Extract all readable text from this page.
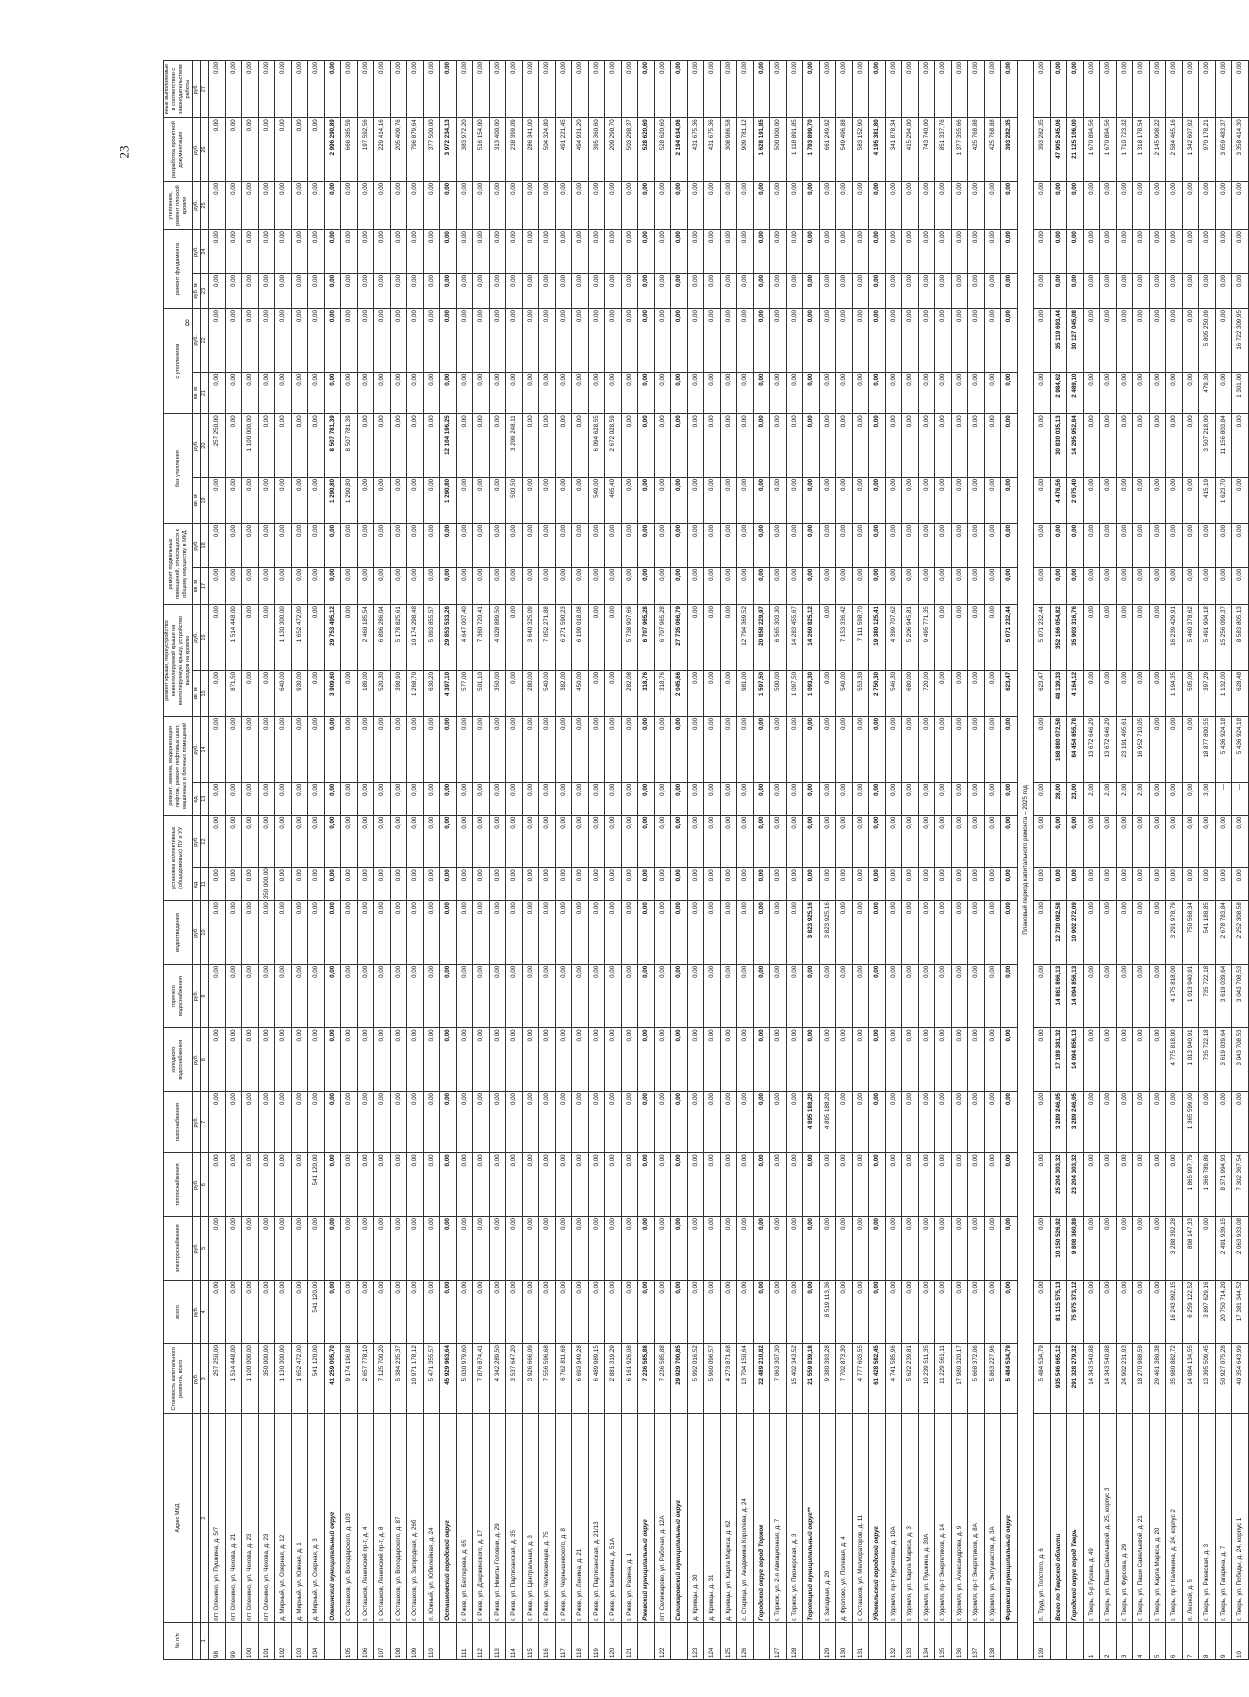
23
8
№ п/п	Адрес МКД	Стоимость капитального ремонта, всего	всего	электроснабжения	теплоснабжения	газоснабжения	холодного водоснабжения	горячего водоснабжения	водоотведения	установка коллективных (общедомовых) ПУ и УУ		ремонт, замена, модернизация лифтов, ремонт лифтовых шахт, машинных и блочных помещений		ремонт крыши, переустройство невентилируемой крыши на вентилируемую крышу, устройство выходов на кровлю		ремонт подвальных помещений, относящихся к общему имуществу в МКД		без утепления		с утеплением		ремонт фундамента		утепление, ремонт плоской кровли	разработка проектной документации	иные выполняемые в соответствии с законодательством работы
		руб.	руб.	руб.	руб.	руб.	руб.	руб.	руб.	ед.	руб.	ед.	руб.	кв. м	руб.	кв. м	руб.	кв. м	руб.	кв. м	руб.	куб. м	руб.	руб.	руб.	руб.
1	2	3	4	5	6	7	8	9	10	11	12	13	14	15	16	17	18	19	20	21	22	23	24	25	26	27
98	пгт Оленино, ул. Пушкина, д. 5/7	257 250,00	0,00	0,00	0,00	0,00	0,00	0,00	0,00	0,00	0,00	0,00	0,00	0,00	0,00	0,00	0,00	0,00	257 250,00	0,00	0,00	0,00	0,00	0,00	0,00	0,00
99	пгт Оленино, ул. Чехова, д. 21	1 514 448,00	0,00	0,00	0,00	0,00	0,00	0,00	0,00	0,00	0,00	0,00	0,00	871,50	1 514 448,00	0,00	0,00	0,00	0,00	0,00	0,00	0,00	0,00	0,00	0,00	0,00
100	пгт Оленино, ул. Чехова, д. 23	1 100 000,00	0,00	0,00	0,00	0,00	0,00	0,00	0,00	0,00	0,00	0,00	0,00	0,00	0,00	0,00	0,00	0,00	1 100 000,00	0,00	0,00	0,00	0,00	0,00	0,00	0,00
101	пгт Оленино, ул. Чехова, д. 23	350 000,00	0,00	0,00	0,00	0,00	0,00	0,00	0,00	350 000,00	0,00	0,00	0,00	0,00	0,00	0,00	0,00	0,00	0,00	0,00	0,00	0,00	0,00	0,00	0,00	0,00
102	д. Мирный, ул. Озерная, д. 12	1 130 300,00	0,00	0,00	0,00	0,00	0,00	0,00	0,00	0,00	0,00	0,00	0,00	640,00	1 130 300,00	0,00	0,00	0,00	0,00	0,00	0,00	0,00	0,00	0,00	0,00	0,00
103	д. Мирный, ул. Южная, д. 1	1 652 472,00	0,00	0,00	0,00	0,00	0,00	0,00	0,00	0,00	0,00	0,00	0,00	930,00	1 652 472,00	0,00	0,00	0,00	0,00	0,00	0,00	0,00	0,00	0,00	0,00	0,00
104	д. Мирный, ул. Озерная, д. 3	541 120,00	541 120,00	0,00	541 120,00	0,00	0,00	0,00	0,00	0,00	0,00	0,00	0,00	0,00	0,00	0,00	0,00	0,00	0,00	0,00	0,00	0,00	0,00	0,00	0,00	0,00
	Оленинский муниципальный округ	41 259 005,70	0,00	0,00	0,00	0,00	0,00	0,00	0,00	0,00	0,00	0,00	0,00	3 909,60	29 753 495,12	0,00	0,00	1 290,80	8 507 781,39	0,00	0,00	0,00	0,00	0,00	2 996 290,89	0,00
105	г. Осташков, ул. Володарского, д. 103	9 174 196,98	0,00	0,00	0,00	0,00	0,00	0,00	0,00	0,00	0,00	0,00	0,00	0,00	0,00	0,00	0,00	1 290,80	8 507 781,39	0,00	0,00	0,00	0,00	0,00	666 385,59	0,00
106	г. Осташков, Ленинский пр-т, д. 4	2 657 778,10	0,00	0,00	0,00	0,00	0,00	0,00	0,00	0,00	0,00	0,00	0,00	189,00	2 460 185,54	0,00	0,00	0,00	0,00	0,00	0,00	0,00	0,00	0,00	197 592,56	0,00
107	г. Осташков, Ленинский пр-т, д. 8	7 125 700,20	0,00	0,00	0,00	0,00	0,00	0,00	0,00	0,00	0,00	0,00	0,00	520,30	6 896 286,04	0,00	0,00	0,00	0,00	0,00	0,00	0,00	0,00	0,00	229 414,16	0,00
108	г. Осташков, ул. Володарского, д. 87	5 384 235,37	0,00	0,00	0,00	0,00	0,00	0,00	0,00	0,00	0,00	0,00	0,00	398,90	5 178 825,61	0,00	0,00	0,00	0,00	0,00	0,00	0,00	0,00	0,00	205 409,76	0,00
109	г. Осташков, ул. Загородная, д. 26б	10 971 178,12	0,00	0,00	0,00	0,00	0,00	0,00	0,00	0,00	0,00	0,00	0,00	1 268,70	10 174 298,48	0,00	0,00	0,00	0,00	0,00	0,00	0,00	0,00	0,00	796 879,64	0,00
110	п. Южный, ул. Юбилейная, д. 24	5 471 355,57	0,00	0,00	0,00	0,00	0,00	0,00	0,00	0,00	0,00	0,00	0,00	630,20	5 093 855,57	0,00	0,00	0,00	0,00	0,00	0,00	0,00	0,00	0,00	377 500,00	0,00
	Осташковский городской округ	45 929 963,64	0,00	0,00	0,00	0,00	0,00	0,00	0,00	0,00	0,00	0,00	0,00	4 397,10	29 853 533,26	0,00	0,00	1 290,80	12 104 196,25	0,00	0,00	0,00	0,00	0,00	3 972 234,13	0,00
111	г. Ржев, ул. Бехтерева, д. 65	5 030 979,60	0,00	0,00	0,00	0,00	0,00	0,00	0,00	0,00	0,00	0,00	0,00	577,00	4 647 007,40	0,00	0,00	0,00	0,00	0,00	0,00	0,00	0,00	0,00	383 972,20	0,00
112	г. Ржев, ул. Дзержинского, д. 17	7 876 874,41	0,00	0,00	0,00	0,00	0,00	0,00	0,00	0,00	0,00	0,00	0,00	501,10	7 360 720,41	0,00	0,00	0,00	0,00	0,00	0,00	0,00	0,00	0,00	516 154,00	0,00
113	г. Ржев, ул. Никиты Головни, д. 29	4 342 289,50	0,00	0,00	0,00	0,00	0,00	0,00	0,00	0,00	0,00	0,00	0,00	350,00	4 028 889,50	0,00	0,00	0,00	0,00	0,00	0,00	0,00	0,00	0,00	313 400,00	0,00
114	г. Ржев, ул. Партизанская, д. 35	3 537 647,20	0,00	0,00	0,00	0,00	0,00	0,00	0,00	0,00	0,00	0,00	0,00	0,00	0,00	0,00	0,00	503,50	3 299 248,11	0,00	0,00	0,00	0,00	0,00	238 399,09	0,00
115	г. Ржев, ул. Центральная, д. 3	3 926 666,09	0,00	0,00	0,00	0,00	0,00	0,00	0,00	0,00	0,00	0,00	0,00	280,00	3 640 325,09	0,00	0,00	0,00	0,00	0,00	0,00	0,00	0,00	0,00	286 341,00	0,00
116	г. Ржев, ул. Челюскинцев, д. 75	7 556 596,68	0,00	0,00	0,00	0,00	0,00	0,00	0,00	0,00	0,00	0,00	0,00	540,00	7 052 271,88	0,00	0,00	0,00	0,00	0,00	0,00	0,00	0,00	0,00	504 324,80	0,00
117	г. Ржев, ул. Чернышевского, д. 8	6 762 811,68	0,00	0,00	0,00	0,00	0,00	0,00	0,00	0,00	0,00	0,00	0,00	382,00	6 271 590,23	0,00	0,00	0,00	0,00	0,00	0,00	0,00	0,00	0,00	491 221,45	0,00
118	г. Ржев, ул. Ленина, д. 21	6 693 949,28	0,00	0,00	0,00	0,00	0,00	0,00	0,00	0,00	0,00	0,00	0,00	450,00	6 199 018,08	0,00	0,00	0,00	0,00	0,00	0,00	0,00	0,00	0,00	494 931,20	0,00
119	г. Ржев, ул. Партизанская, д. 21/13	6 489 989,15	0,00	0,00	0,00	0,00	0,00	0,00	0,00	0,00	0,00	0,00	0,00	0,00	0,00	0,00	0,00	549,00	6 094 628,55	0,00	0,00	0,00	0,00	0,00	395 360,60	0,00
120	г. Ржев, ул. Калинина, д. 51А	2 881 319,29	0,00	0,00	0,00	0,00	0,00	0,00	0,00	0,00	0,00	0,00	0,00	0,00	0,00	0,00	0,00	465,40	2 672 028,59	0,00	0,00	0,00	0,00	0,00	209 290,70	0,00
121	г. Ржев, ул. Разина, д. 1	6 161 926,08	0,00	0,00	0,00	0,00	0,00	0,00	0,00	0,00	0,00	0,00	0,00	282,08	5 738 907,69	0,00	0,00	0,00	0,00	0,00	0,00	0,00	0,00	0,00	503 298,37	0,00
	Ржевский муниципальный округ	7 236 585,88	0,00	0,00	0,00	0,00	0,00	0,00	0,00	0,00	0,00	0,00	0,00	318,76	6 707 965,28	0,00	0,00	0,00	0,00	0,00	0,00	0,00	0,00	0,00	528 620,60	0,00
122	пгт Селижарово, ул. Рабочая, д. 12А	7 236 585,88	0,00	0,00	0,00	0,00	0,00	0,00	0,00	0,00	0,00	0,00	0,00	318,76	6 707 965,28	0,00	0,00	0,00	0,00	0,00	0,00	0,00	0,00	0,00	528 620,60	0,00
	Селижаровский муниципальный округ	29 929 700,85	0,00	0,00	0,00	0,00	0,00	0,00	0,00	0,00	0,00	0,00	0,00	2 045,66	27 735 066,79	0,00	0,00	0,00	0,00	0,00	0,00	0,00	0,00	0,00	2 194 634,06	0,00
123	д. Кривцы, д. 30	5 992 016,52	0,00	0,00	0,00	0,00	0,00	0,00	0,00	0,00	0,00	0,00	0,00	0,00	0,00	0,00	0,00	0,00	0,00	0,00	0,00	0,00	0,00	0,00	431 675,36	0,00
124	д. Кривцы, д. 31	5 960 096,57	0,00	0,00	0,00	0,00	0,00	0,00	0,00	0,00	0,00	0,00	0,00	0,00	0,00	0,00	0,00	0,00	0,00	0,00	0,00	0,00	0,00	0,00	431 675,36	0,00
125	д. Кривцы, ул. Карла Маркса, д. 62	4 273 871,68	0,00	0,00	0,00	0,00	0,00	0,00	0,00	0,00	0,00	0,00	0,00	0,00	0,00	0,00	0,00	0,00	0,00	0,00	0,00	0,00	0,00	0,00	308 986,58	0,00
126	с. Старица, ул. Академика Королева, д. 24	13 704 150,64	0,00	0,00	0,00	0,00	0,00	0,00	0,00	0,00	0,00	0,00	0,00	981,00	12 794 369,52	0,00	0,00	0,00	0,00	0,00	0,00	0,00	0,00	0,00	909 781,12	0,00
	Городской округ город Торжок	22 489 210,82	0,00	0,00	0,00	0,00	0,00	0,00	0,00	0,00	0,00	0,00	0,00	1 597,50	20 858 229,97	0,00	0,00	0,00	0,00	0,00	0,00	0,00	0,00	0,00	1 628 191,85	0,00
127	г. Торжок, ул. 2-я Авиационная, д. 7	7 063 307,30	0,00	0,00	0,00	0,00	0,00	0,00	0,00	0,00	0,00	0,00	0,00	500,00	6 565 303,30	0,00	0,00	0,00	0,00	0,00	0,00	0,00	0,00	0,00	500 000,00	0,00
128	г. Торжок, ул. Пионерская, д. 3	15 402 343,52	0,00	0,00	0,00	0,00	0,00	0,00	0,00	0,00	0,00	0,00	0,00	1 097,50	14 283 455,67	0,00	0,00	0,00	0,00	0,00	0,00	0,00	0,00	0,00	1 118 891,85	0,00
	Торопецкий муниципальный округ**	21 559 839,18	0,00	0,00	0,00	4 895 188,20	0,00	0,00	3 823 925,16	0,00	0,00	0,00	0,00	1 093,30	14 260 825,12	0,00	0,00	0,00	0,00	0,00	0,00	0,00	0,00	0,00	1 793 899,70	0,00
129	г. Западная, д. 20	9 380 393,28	8 519 113,36	0,00	0,00	4 895 188,20	0,00	0,00	3 823 925,16	0,00	0,00	0,00	0,00	0,00	0,00	0,00	0,00	0,00	0,00	0,00	0,00	0,00	0,00	0,00	661 249,92	0,00
130	д. Фролово, ул. Полевая, д. 4	7 702 873,30	0,00	0,00	0,00	0,00	0,00	0,00	0,00	0,00	0,00	0,00	0,00	540,00	7 153 336,42	0,00	0,00	0,00	0,00	0,00	0,00	0,00	0,00	0,00	549 496,88	0,00
131	г. Осташков, ул. Мелиораторов, д. 11	4 777 603,55	0,00	0,00	0,00	0,00	0,00	0,00	0,00	0,00	0,00	0,00	0,00	553,30	7 111 598,70	0,00	0,00	0,00	0,00	0,00	0,00	0,00	0,00	0,00	583 152,90	0,00
	Удомельский городской округ	61 428 582,45	0,00	0,00	0,00	0,00	0,00	0,00	0,00	0,00	0,00	0,00	0,00	2 750,30	19 380 125,41	0,00	0,00	0,00	0,00	0,00	0,00	0,00	0,00	0,00	4 195 381,80	0,00
132	г. Удомля, пр-т Курчатова, д. 10А	4 741 585,96	0,00	0,00	0,00	0,00	0,00	0,00	0,00	0,00	0,00	0,00	0,00	546,30	4 399 707,62	0,00	0,00	0,00	0,00	0,00	0,00	0,00	0,00	0,00	341 878,34	0,00
133	г. Удомля, ул. Карла Маркса, д. 3	5 622 239,81	0,00	0,00	0,00	0,00	0,00	0,00	0,00	0,00	0,00	0,00	0,00	680,00	5 206 945,81	0,00	0,00	0,00	0,00	0,00	0,00	0,00	0,00	0,00	415 294,00	0,00
134	г. Удомля, ул. Пушкина, д. 30А	10 239 511,35	0,00	0,00	0,00	0,00	0,00	0,00	0,00	0,00	0,00	0,00	0,00	720,00	9 495 771,35	0,00	0,00	0,00	0,00	0,00	0,00	0,00	0,00	0,00	743 740,00	0,00
135	г. Удомля, пр-т Энергетиков, д. 14	11 229 561,11	0,00	0,00	0,00	0,00	0,00	0,00	0,00	0,00	0,00	0,00	0,00	0,00	0,00	0,00	0,00	0,00	0,00	0,00	0,00	0,00	0,00	0,00	851 337,76	0,00
136	г. Удомля, ул. Александрова, д. 9	17 980 320,17	0,00	0,00	0,00	0,00	0,00	0,00	0,00	0,00	0,00	0,00	0,00	0,00	0,00	0,00	0,00	0,00	0,00	0,00	0,00	0,00	0,00	0,00	1 377 355,66	0,00
137	г. Удомля, пр-т Энергетиков, д. 8А	5 668 372,06	0,00	0,00	0,00	0,00	0,00	0,00	0,00	0,00	0,00	0,00	0,00	0,00	0,00	0,00	0,00	0,00	0,00	0,00	0,00	0,00	0,00	0,00	425 768,88	0,00
138	г. Удомля, ул. Энтузиастов, д. 3А	5 863 227,96	0,00	0,00	0,00	0,00	0,00	0,00	0,00	0,00	0,00	0,00	0,00	0,00	0,00	0,00	0,00	0,00	0,00	0,00	0,00	0,00	0,00	0,00	425 768,88	0,00
	Фировский муниципальный округ	5 484 534,79	0,00	0,00	0,00	0,00	0,00	0,00	0,00	0,00	0,00	0,00	0,00	623,47	5 071 232,44	0,00	0,00	0,00	0,00	0,00	0,00	0,00	0,00	0,00	393 282,35	0,00
Плановый период капитального ремонта – 2025 год																										
139	п. Труд, ул. Толстого, д. 6	5 484 534,79	0,00	0,00	0,00	0,00	0,00	0,00	0,00	0,00	0,00	0,00	0,00	623,47	5 071 232,44	0,00	0,00	0,00	0,00	0,00	0,00	0,00	0,00	0,00	393 282,35	0,00
	Всего по Тверской области	935 546 665,12	81 115 575,13	10 150 526,92	25 204 303,32	3 289 246,05	17 189 381,32	14 861 866,13	12 730 082,58	0,00	0,00	28,00	168 880 072,58	48 139,33	352 166 054,82	0,00	0,00	4 476,56	30 830 035,13	2 984,62	35 119 693,44	0,00	0,00	0,00	47 905 245,06	0,00
	Городской округ город Тверь	291 328 279,32	75 975 373,12	9 808 360,89	23 204 303,32	3 289 246,05	14 094 856,13	14 094 856,13	10 902 272,09	0,00	0,00	23,00	84 454 855,78	4 164,12	35 903 316,76	0,00	0,00	2 075,40	14 295 952,84	2 489,10	30 127 045,08	0,00	0,00	0,00	21 125 106,00	0,00
1	г. Тверь, б-р Гусева, д. 49	14 343 540,88	0,00	0,00	0,00	0,00	0,00	0,00	0,00	0,00	0,00	2,00	13 672 646,29	0,00	0,00	0,00	0,00	0,00	0,00	0,00	0,00	0,00	0,00	0,00	1 670 894,56	0,00
2	г. Тверь, ул. Паши Савельевой, д. 25, корпус 3	14 343 540,88	0,00	0,00	0,00	0,00	0,00	0,00	0,00	0,00	0,00	2,00	13 672 646,29	0,00	0,00	0,00	0,00	0,00	0,00	0,00	0,00	0,00	0,00	0,00	1 670 894,56	0,00
3	г. Тверь, ул. Фурсова, д. 29	24 902 231,93	0,00	0,00	0,00	0,00	0,00	0,00	0,00	0,00	0,00	2,00	23 191 495,61	0,00	0,00	0,00	0,00	0,00	0,00	0,00	0,00	0,00	0,00	0,00	1 710 723,32	0,00
4	г. Тверь, ул. Паши Савельевой, д. 21	18 270 988,59	0,00	0,00	0,00	0,00	0,00	0,00	0,00	0,00	0,00	2,00	16 952 710,05	0,00	0,00	0,00	0,00	0,00	0,00	0,00	0,00	0,00	0,00	0,00	1 318 178,54	0,00
5	г. Тверь, ул. Карла Маркса, д. 20	29 461 380,38	0,00	0,00	0,00	0,00	0,00	0,00	0,00	0,00	0,00	0,00	0,00	0,00	0,00	0,00	0,00	0,00	0,00	0,00	0,00	0,00	0,00	0,00	2 145 908,22	0,00
6	г. Тверь, пр-т Калинина, д. 24, корпус 2	35 980 882,72	16 243 992,15	3 288 392,28	0,00	0,00	4 775 818,00	4 175 818,00	3 291 978,79	0,00	0,00	0,00	0,00	1 194,35	16 239 429,91	0,00	0,00	0,00	0,00	0,00	0,00	0,00	0,00	0,00	2 584 465,16	0,00
7	п. Лесной, д. 5	14 084 134,55	6 259 122,52	898 147,33	1 865 997,79	1 365 599,00	1 013 940,91	1 013 940,91	750 568,34	0,00	0,00	0,00	0,00	505,00	5 460 378,62	0,00	0,00	0,00	0,00	0,00	0,00	0,00	0,00	0,00	1 342 607,92	0,00
8	г. Тверь, ул. Ржевская, д. 3	13 395 509,45	3 897 629,16	0,00	1 366 789,89	0,00	735 722,18	735 722,18	541 188,85	0,00	0,00	3,00	18 877 800,55	397,29	5 491 904,18	0,00	0,00	415,19	3 507 218,00	479,30	5 805 250,09	0,00	0,00	0,00	970 178,21	0,00
9	г. Тверь, ул. Гагарина, д. 7	50 927 075,28	20 750 714,20	2 491 939,15	8 371 994,93	0,00	3 619 039,64	3 619 039,64	2 678 783,84	0,00	0,00	—	5 436 924,18	1 132,00	15 256 099,37	0,00	0,00	1 623,70	11 156 803,84	0,00	0,00	0,00	0,00	0,00	3 659 483,37	0,00
10	г. Тверь, ул. Победы, д. 24, корпус 1	40 354 643,99	17 381 344,52	2 063 933,08	7 302 367,54	0,00	3 043 708,53	3 043 708,53	2 252 308,58	0,00	0,00	—	5 436 924,18	628,48	8 583 805,13	0,00	0,00	0,00	0,00	1 301,00	16 722 309,95	0,00	0,00	0,00	3 358 414,30	0,00
